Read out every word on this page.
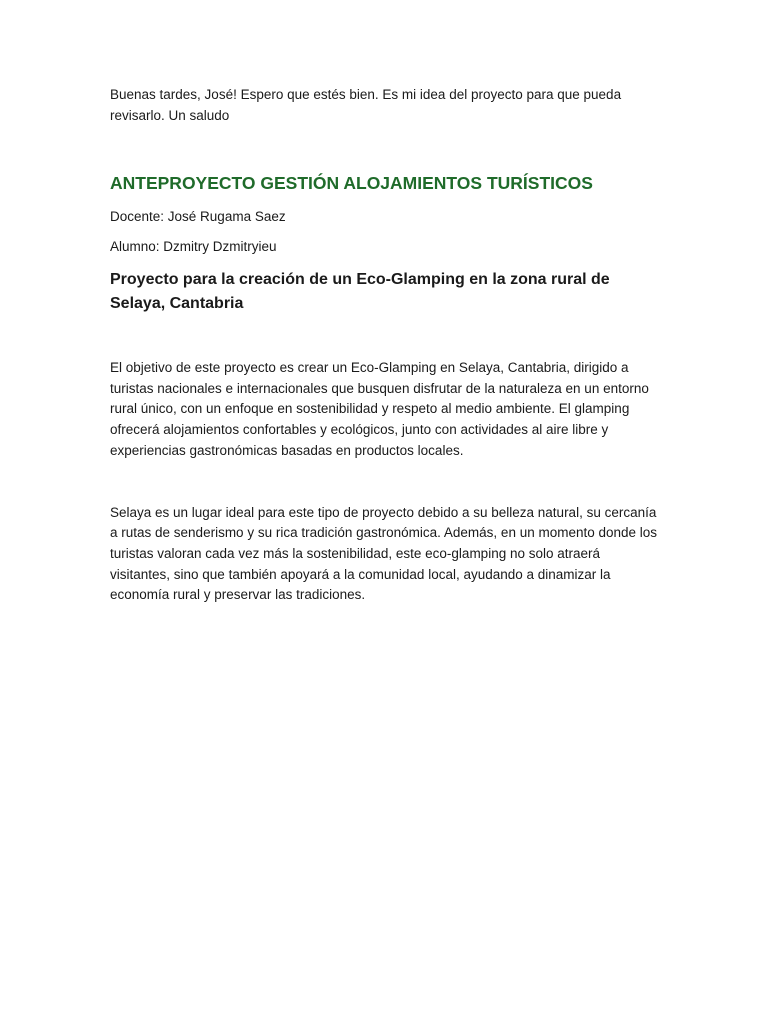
Buenas tardes, José! Espero que estés bien. Es mi idea del proyecto para que pueda revisarlo. Un saludo

ANTEPROYECTO GESTIÓN ALOJAMIENTOS TURÍSTICOS

Docente: José Rugama Saez

Alumno: Dzmitry Dzmitryieu

Proyecto para la creación de un Eco-Glamping en la zona rural de Selaya, Cantabria

El objetivo de este proyecto es crear un Eco-Glamping en Selaya, Cantabria, dirigido a turistas nacionales e internacionales que busquen disfrutar de la naturaleza en un entorno rural único, con un enfoque en sostenibilidad y respeto al medio ambiente. El glamping ofrecerá alojamientos confortables y ecológicos, junto con actividades al aire libre y experiencias gastronómicas basadas en productos locales.

Selaya es un lugar ideal para este tipo de proyecto debido a su belleza natural, su cercanía a rutas de senderismo y su rica tradición gastronómica. Además, en un momento donde los turistas valoran cada vez más la sostenibilidad, este eco-glamping no solo atraerá visitantes, sino que también apoyará a la comunidad local, ayudando a dinamizar la economía rural y preservar las tradiciones.
